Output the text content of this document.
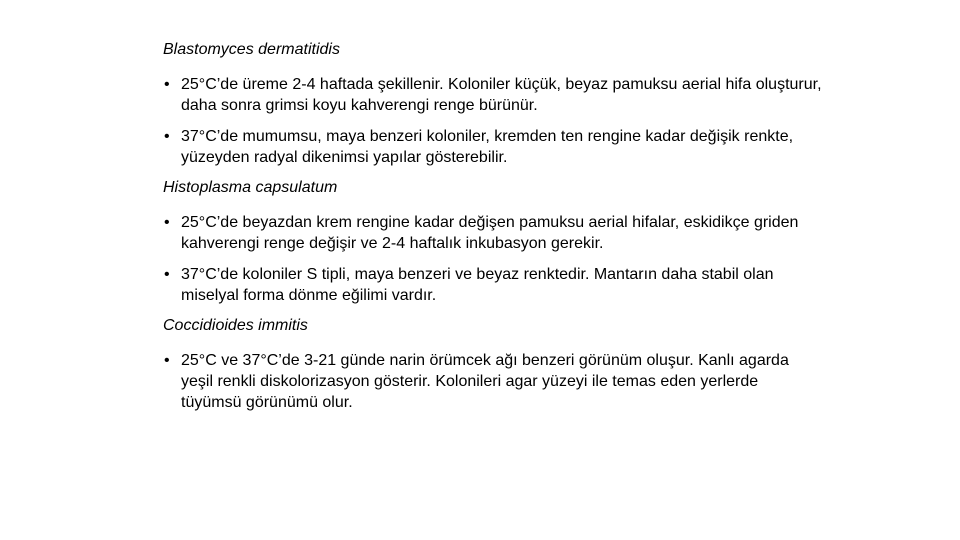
Blastomyces dermatitidis
• 25°C’de üreme 2-4 haftada şekillenir. Koloniler küçük, beyaz pamuksu aerial hifa oluşturur, daha sonra grimsi koyu kahverengi renge bürünür.
• 37°C’de mumumsu, maya benzeri koloniler, kremden ten rengine kadar değişik renkte, yüzeyden radyal dikenimsi yapılar gösterebilir.
Histoplasma capsulatum
• 25°C’de beyazdan krem rengine kadar değişen pamuksu aerial hifalar, eskidikçe griden kahverengi renge değişir ve 2-4 haftalık inkubasyon gerekir.
• 37°C’de koloniler S tipli, maya benzeri ve beyaz renktedir. Mantarın daha stabil olan miselyal forma dönme eğilimi vardır.
Coccidioides immitis
• 25°C ve 37°C’de 3-21 günde narin örümcek ağı benzeri görünüm oluşur. Kanlı agarda yeşil renkli diskolorizasyon gösterir. Kolonileri agar yüzeyi ile temas eden yerlerde tüyümsü görünümü olur.
